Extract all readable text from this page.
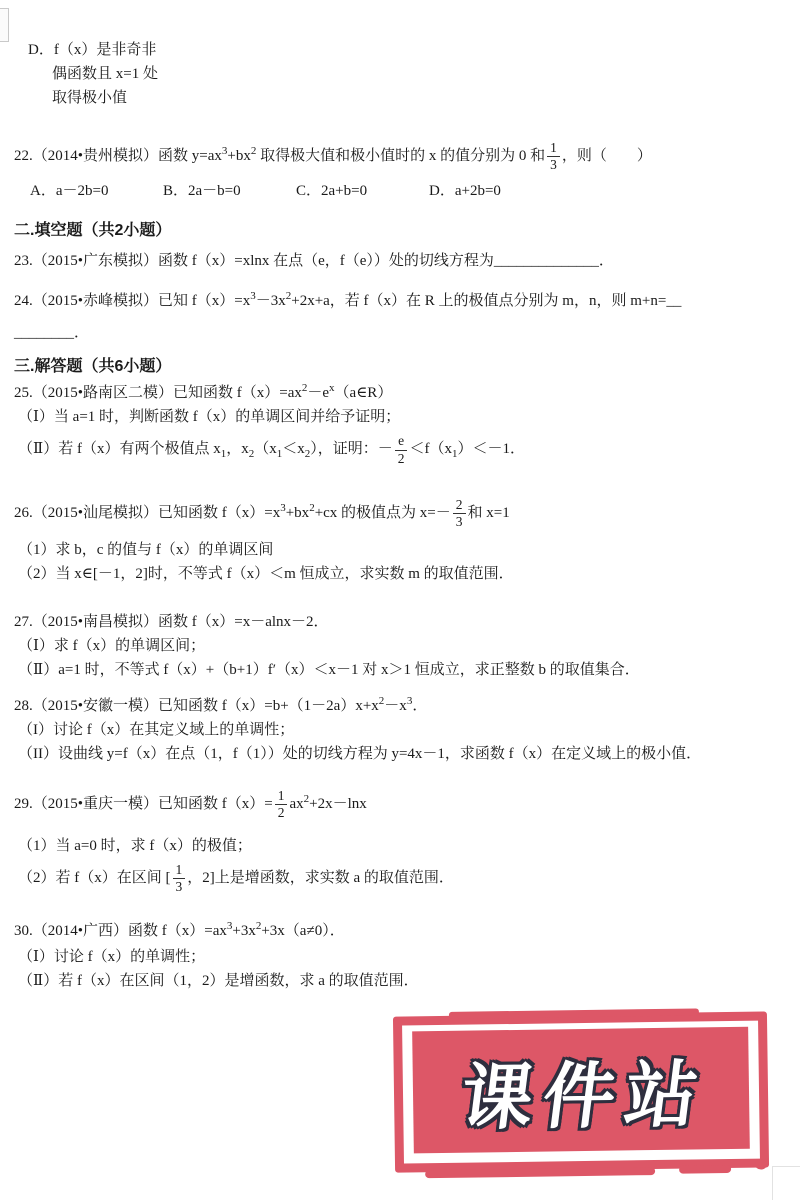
D．f（x）是非奇非
偶函数且 x=1 处
取得极小值
22.（2014•贵州模拟）函数 $y=ax^3+bx^2$ 取得极大值和极小值时的 x 的值分别为 0 和 $\frac{1}{3}$ ，则（　　）
A．a－2b=0	B．2a－b=0	C．2a+b=0	D．a+2b=0
二.填空题（共2小题）
23.（2015•广东模拟）函数 f（x）=xlnx 在点（e，f（e））处的切线方程为______________．
24.（2015•赤峰模拟）已知 $f(x)=x^3-3x^2+2x+a$，若 f（x）在 R 上的极值点分别为 m，n，则 m+n=__
________．
三.解答题（共6小题）
25.（2015•路南区二模）已知函数 $f(x)=ax^2-e^x(a\in R)$
（Ⅰ）当 a=1 时，判断函数 f（x）的单调区间并给予证明；
（Ⅱ）若 f（x）有两个极值点 $x_1$，$x_2(x_1<x_2)$，证明：－ $\frac{e}{2} <f(x_1)<-1$．
26.（2015•汕尾模拟）已知函数 $f(x)=x^3+bx^2+cx$ 的极值点为 $x=- \frac{2}{3}$ 和 x=1
（1）求 b，c 的值与 f（x）的单调区间
（2）当 x∈[－1，2]时，不等式 f（x）＜m 恒成立，求实数 m 的取值范围．
27.（2015•南昌模拟）函数 f（x）=x－alnx－2．
（Ⅰ）求 f（x）的单调区间；
（Ⅱ）a=1 时，不等式 f（x）+（b+1）f′（x）＜x－1 对 x＞1 恒成立，求正整数 b 的取值集合．
28.（2015•安徽一模）已知函数 $f(x)=b+(1-2a)x+x^2-x^3$．
（I）讨论 f（x）在其定义域上的单调性；
（II）设曲线 y=f（x）在点（1，f（1））处的切线方程为 y=4x－1，求函数 f（x）在定义域上的极小值．
29.（2015•重庆一模）已知函数 $f(x)= \frac{1}{2} ax^2+2x-\ln x$
（1）当 a=0 时，求 f（x）的极值；
（2）若 f（x）在区间 [ $\frac{1}{3}$ ，2]上是增函数，求实数 a 的取值范围．
30.（2014•广西）函数 $f(x)=ax^3+3x^2+3x(a\ne 0)$．
（Ⅰ）讨论 f（x）的单调性；
（Ⅱ）若 f（x）在区间（1，2）是增函数，求 a 的取值范围．
课件站
